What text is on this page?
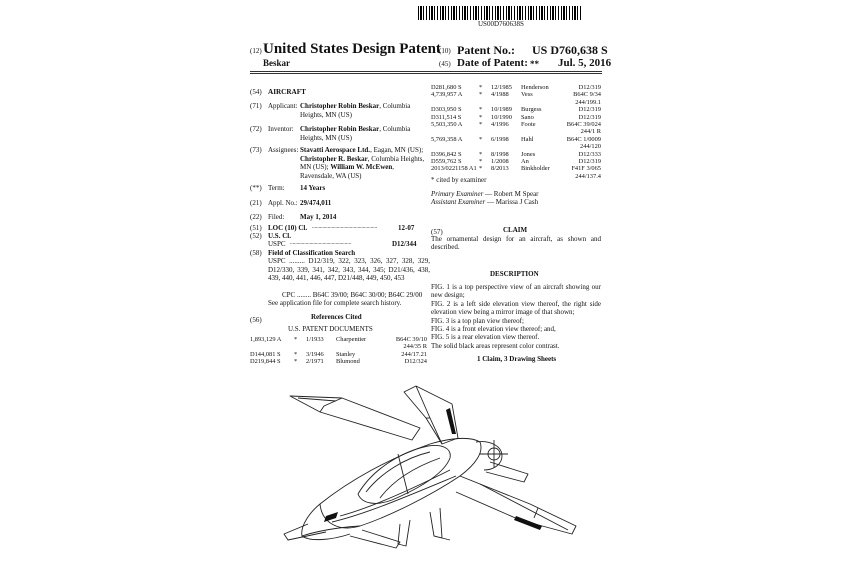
US00D760638S
(12) United States Design Patent
Beskar
(10) Patent No.: US D760,638 S
(45) Date of Patent: ** Jul. 5, 2016
(54) AIRCRAFT
(71) Applicant: Christopher Robin Beskar, Columbia Heights, MN (US)
(72) Inventor: Christopher Robin Beskar, Columbia Heights, MN (US)
(73) Assignees: Stavatti Aerospace Ltd., Eagan, MN (US); Christopher R. Beskar, Columbia Heights, MN (US); William W. McEwen, Ravensdale, WA (US)
(**) Term: 14 Years
(21) Appl. No.: 29/474,011
(22) Filed: May 1, 2014
(51) LOC (10) Cl. ..................................................	12-07
(52) U.S. Cl.
USPC ...............................................	D12/344
(58) Field of Classification Search
USPC ......... D12/319, 322, 323, 326, 327, 328, 329, D12/330, 339, 341, 342, 343, 344, 345; D21/436, 438, 439, 440, 441, 446, 447, D21/448, 449, 450, 453
CPC ........ B64C 39/00; B64C 30/00; B64C 29/00
See application file for complete search history.
(56)	References Cited
U.S. PATENT DOCUMENTS
1,893,129 A * 1/1933 Charpentier	B64C 39/10
244/35 R
D144,081 S * 3/1946 Stanley	244/17.21
D219,844 S * 2/1971 Blumond	D12/324
D281,680 S	* 12/1985 Henderson	D12/319
4,739,957 A	* 4/1988 Vess	B64C 9/34
244/199.1
D303,950 S	* 10/1989 Burgess	D12/319
D311,514 S	* 10/1990 Sano	D12/319
5,503,350 A	* 4/1996 Foote	B64C 39/024
244/1 R
5,769,358 A	* 6/1998 Hahl	B64C 1/0009
244/120
D396,842 S	* 8/1998 Jones	D12/333
D559,762 S	* 1/2008 An	D12/319
2013/0221158 A1 * 8/2013 Binkholder	F41F 3/065
244/137.4
* cited by examiner
Primary Examiner — Robert M Spear
Assistant Examiner — Marissa J Cash
(57)	CLAIM
The ornamental design for an aircraft, as shown and described.
DESCRIPTION
FIG. 1 is a top perspective view of an aircraft showing our new design;
FIG. 2 is a left side elevation view thereof, the right side elevation view being a mirror image of that shown;
FIG. 3 is a top plan view thereof;
FIG. 4 is a front elevation view thereof; and,
FIG. 5 is a rear elevation view thereof.
The solid black areas represent color contrast.
1 Claim, 3 Drawing Sheets
